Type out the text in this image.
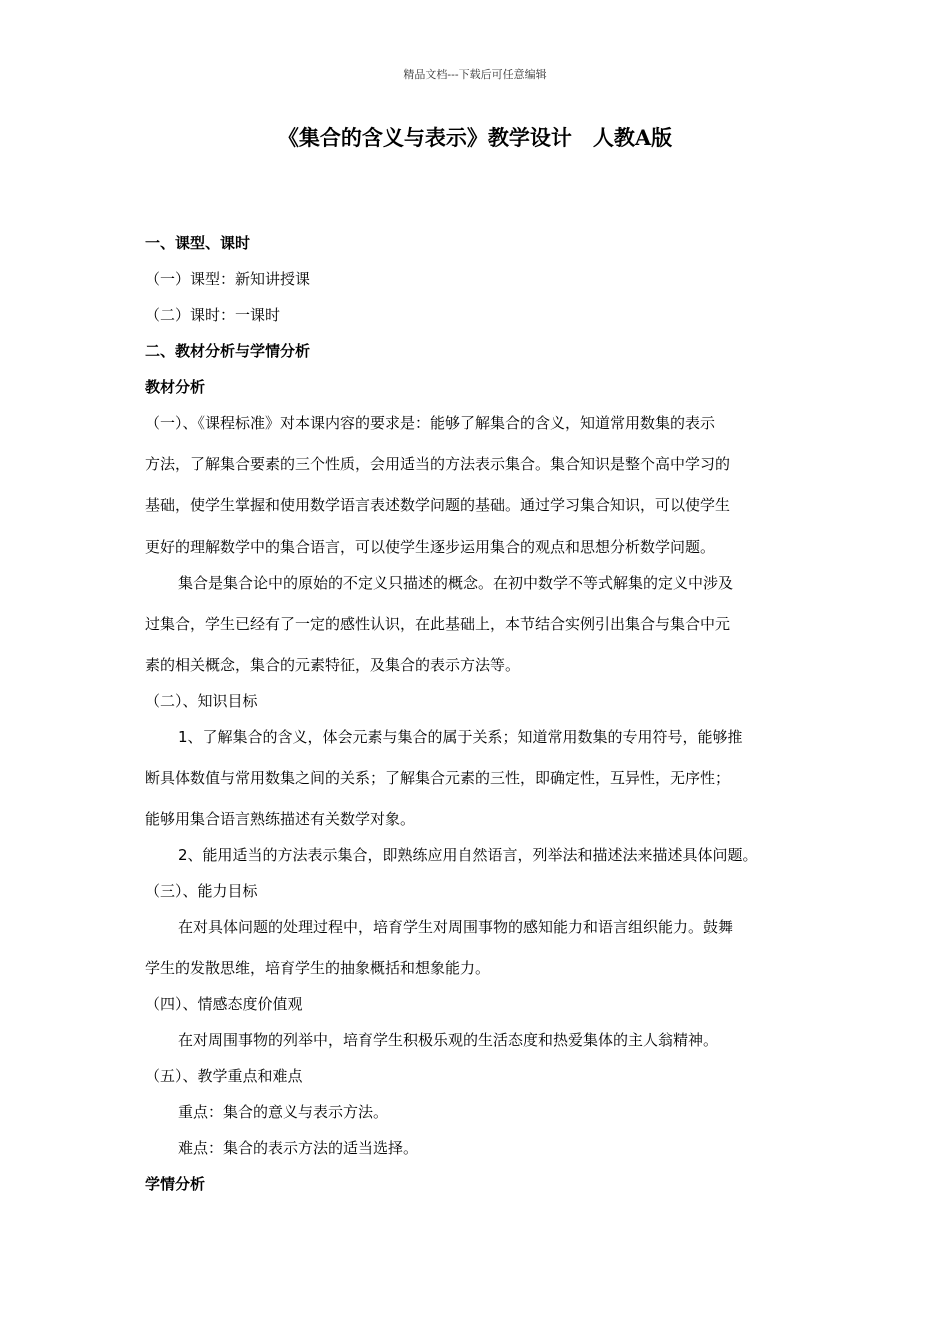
精品文档---下载后可任意编辑
《集合的含义与表示》教学设计　人教A版
一、课型、课时
（一）课型：新知讲授课
（二）课时：一课时
二、教材分析与学情分析
教材分析
（一）、《课程标准》对本课内容的要求是：能够了解集合的含义，知道常用数集的表示
方法，了解集合要素的三个性质，会用适当的方法表示集合。集合知识是整个高中学习的
基础，使学生掌握和使用数学语言表述数学问题的基础。通过学习集合知识，可以使学生
更好的理解数学中的集合语言，可以使学生逐步运用集合的观点和思想分析数学问题。
集合是集合论中的原始的不定义只描述的概念。在初中数学不等式解集的定义中涉及
过集合，学生已经有了一定的感性认识，在此基础上，本节结合实例引出集合与集合中元
素的相关概念，集合的元素特征，及集合的表示方法等。
（二）、知识目标
1、了解集合的含义，体会元素与集合的属于关系；知道常用数集的专用符号，能够推
断具体数值与常用数集之间的关系；了解集合元素的三性，即确定性，互异性，无序性；
能够用集合语言熟练描述有关数学对象。
2、能用适当的方法表示集合，即熟练应用自然语言，列举法和描述法来描述具体问题。
（三）、能力目标
在对具体问题的处理过程中，培育学生对周围事物的感知能力和语言组织能力。鼓舞
学生的发散思维，培育学生的抽象概括和想象能力。
（四）、情感态度价值观
在对周围事物的列举中，培育学生积极乐观的生活态度和热爱集体的主人翁精神。
（五）、教学重点和难点
重点：集合的意义与表示方法。
难点：集合的表示方法的适当选择。
学情分析
